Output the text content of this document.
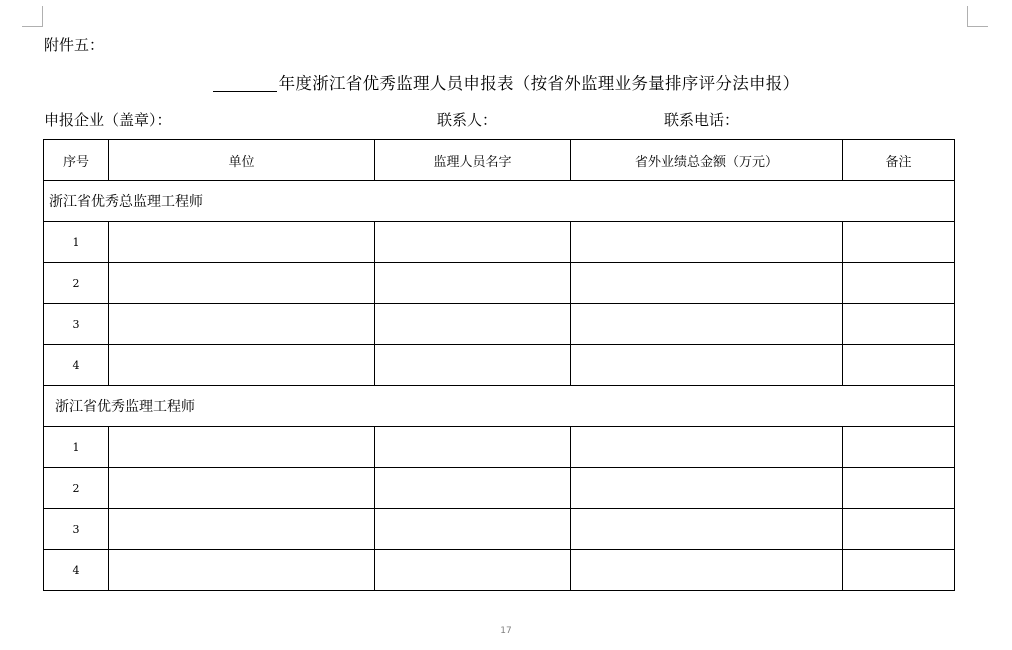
附件五：
年度浙江省优秀监理人员申报表（按省外监理业务量排序评分法申报）
申报企业（盖章）：	联系人：	联系电话：
序号	单位	监理人员名字	省外业绩总金额（万元）	备注
浙江省优秀总监理工程师				
1				
2				
3				
4				
浙江省优秀监理工程师				
1				
2				
3				
4				
17
